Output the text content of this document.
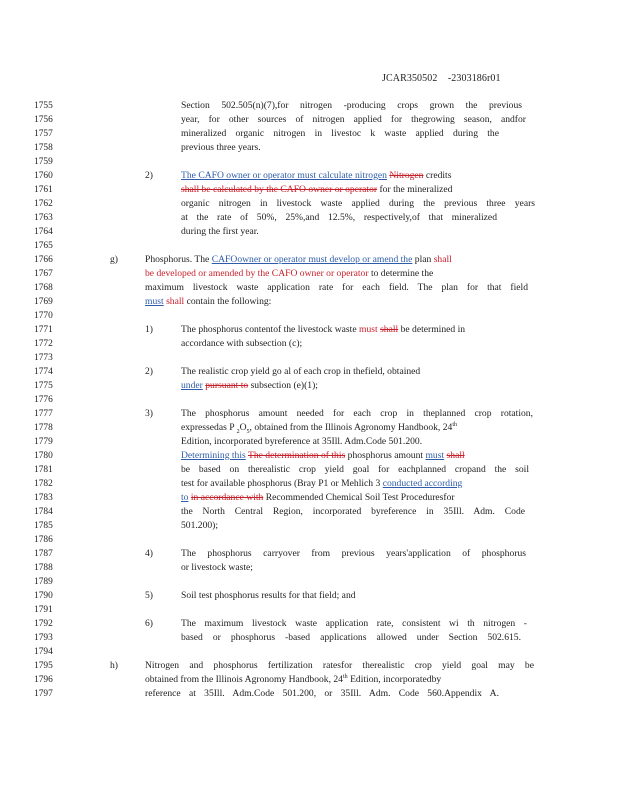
JCAR350502 -2303186r01
1755
1756
1757
1758
1759
1760
1761
1762
1763
1764
1765
1766
1767
1768
1769
1770
1771
1772
1773
1774
1775
1776
1777
1778
1779
1780
1781
1782
1783
1784
1785
1786
1787
1788
1789
1790
1791
1792
1793
1794
1795
1796
1797
Section 502.505(n)(7),for nitrogen -producing crops grown the previous
year, for other sources of nitrogen applied for thegrowing season, andfor
mineralized organic nitrogen in livestoc k waste applied during the
previous three years.
2)	The CAFO owner or operator must calculate nitrogen Nitrogen credits
shall be calculated by the CAFO owner or operator for the mineralized
organic nitrogen in livestock waste applied during the previous three years
at the rate of 50%, 25%,and 12.5%, respectively,of that mineralized
during the first year.
g)	Phosphorus. The CAFOowner or operator must develop or amend the plan shall
be developed or amended by the CAFO owner or operator to determine the
maximum livestock waste application rate for each field. The plan for that field
must shall contain the following:
1)	The phosphorus contentof the livestock waste must shall be determined in
accordance with subsection (c);
2)	The realistic crop yield go al of each crop in thefield, obtained
under pursuant to subsection (e)(1);
3)	The phosphorus amount needed for each crop in theplanned crop rotation,
expressedas P $_2O_5$, obtained from the Illinois Agronomy Handbook, 24th
Edition, incorporated byreference at 35Ill. Adm.Code 501.200.
Determining this The determination of this phosphorus amount must shall
be based on therealistic crop yield goal for eachplanned cropand the soil
test for available phosphorus (Bray P1 or Mehlich 3 conducted according
to in accordance with Recommended Chemical Soil Test Proceduresfor
the North Central Region, incorporated byreference in 35Ill. Adm. Code
501.200);
4)	The phosphorus carryover from previous years'application of phosphorus
or livestock waste;
5)	Soil test phosphorus results for that field; and
6)	The maximum livestock waste application rate, consistent wi th nitrogen -
based or phosphorus -based applications allowed under Section 502.615.
h)	Nitrogen and phosphorus fertilization ratesfor therealistic crop yield goal may be
obtained from the Illinois Agronomy Handbook, 24th Edition, incorporatedby
reference at 35Ill. Adm.Code 501.200, or 35Ill. Adm. Code 560.Appendix A.
